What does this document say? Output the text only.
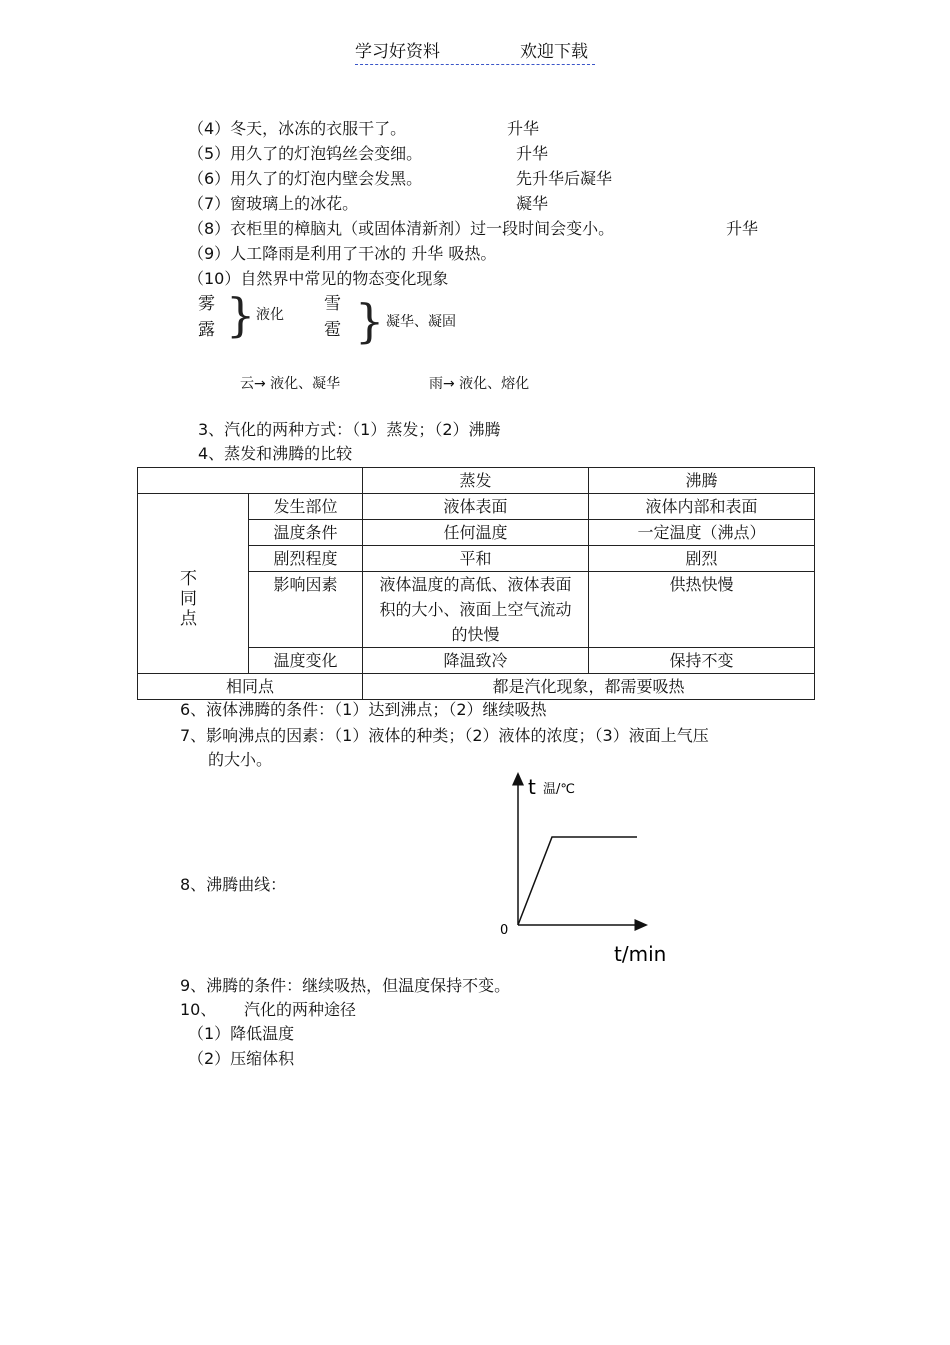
学习好资料	欢迎下载
（4）冬天，冰冻的衣服干了。	升华
（5）用久了的灯泡钨丝会变细。	升华
（6）用久了的灯泡内壁会发黑。	先升华后凝华
（7）窗玻璃上的冰花。	凝华
（8）衣柜里的樟脑丸（或固体清新剂）过一段时间会变小。	升华
（9）人工降雨是利用了干冰的 升华 吸热。
（10）自然界中常见的物态变化现象
雾
露 } 液化
雪
雹 } 凝华、凝固
云→ 液化、凝华	雨→ 液化、熔化
3、汽化的两种方式：（1）蒸发；（2）沸腾
4、蒸发和沸腾的比较
		蒸发	沸腾

不同点	发生部位	液体表面	液体内部和表面
	温度条件	任何温度	一定温度（沸点）
	剧烈程度	平和	剧烈
	影响因素	液体温度的高低、液体表面积的大小、液面上空气流动的快慢	供热快慢
	温度变化	降温致冷	保持不变
相同点		都是汽化现象，都需要吸热	
6、液体沸腾的条件：（1）达到沸点；（2）继续吸热
7、影响沸点的因素：（1）液体的种类；（2）液体的浓度；（3）液面上气压
的大小。
8、沸腾曲线：
t 温/℃
0
t/min
9、沸腾的条件：继续吸热，但温度保持不变。
10、 汽化的两种途径
（1）降低温度
（2）压缩体积
